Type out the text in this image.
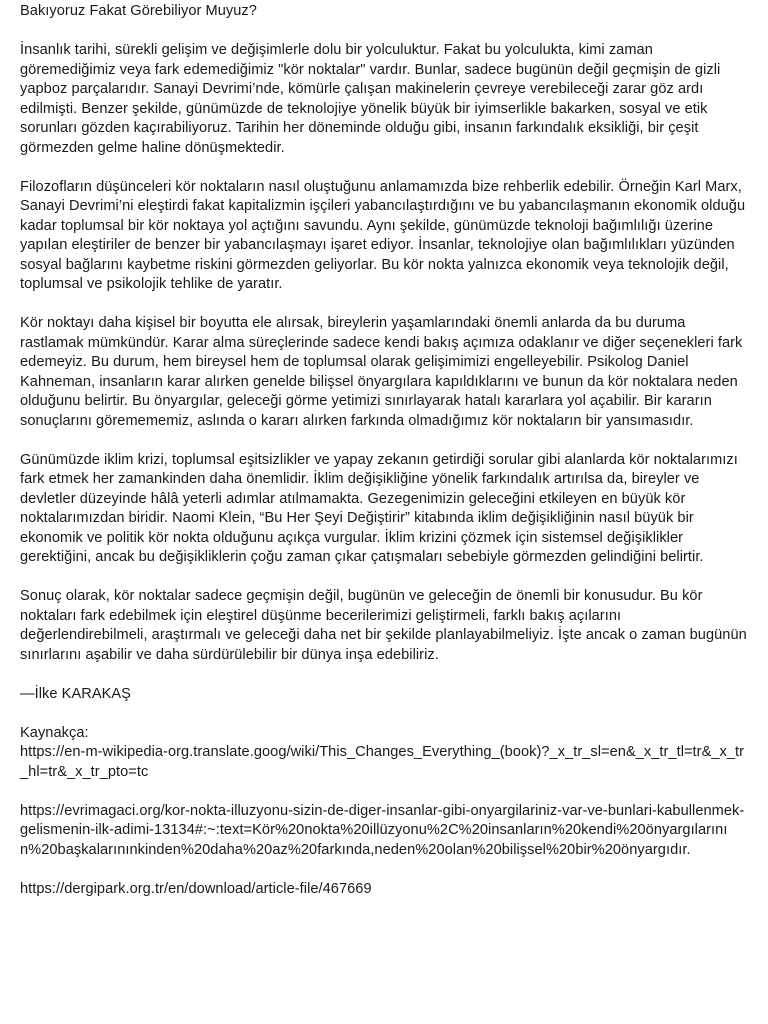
Bakıyoruz Fakat Görebiliyor Muyuz?
İnsanlık tarihi, sürekli gelişim ve değişimlerle dolu bir yolculuktur. Fakat bu yolculukta, kimi zaman göremediğimiz veya fark edemediğimiz "kör noktalar" vardır. Bunlar, sadece bugünün değil geçmişin de gizli yapboz parçalarıdır. Sanayi Devrimi’nde, kömürle çalışan makinelerin çevreye verebileceği zarar göz ardı edilmişti. Benzer şekilde, günümüzde de teknolojiye yönelik büyük bir iyimserlikle bakarken, sosyal ve etik sorunları gözden kaçırabiliyoruz. Tarihin her döneminde olduğu gibi, insanın farkındalık eksikliği, bir çeşit görmezden gelme haline dönüşmektedir.
Filozofların düşünceleri kör noktaların nasıl oluştuğunu anlamamızda bize rehberlik edebilir. Örneğin Karl Marx, Sanayi Devrimi’ni eleştirdi fakat kapitalizmin işçileri yabancılaştırdığını ve bu yabancılaşmanın ekonomik olduğu kadar toplumsal bir kör noktaya yol açtığını savundu. Aynı şekilde, günümüzde teknoloji bağımlılığı üzerine yapılan eleştiriler de benzer bir yabancılaşmayı işaret ediyor. İnsanlar, teknolojiye olan bağımlılıkları yüzünden sosyal bağlarını kaybetme riskini görmezden geliyorlar. Bu kör nokta yalnızca ekonomik veya teknolojik değil, toplumsal ve psikolojik tehlike de yaratır.
Kör noktayı daha kişisel bir boyutta ele alırsak, bireylerin yaşamlarındaki önemli anlarda da bu duruma rastlamak mümkündür. Karar alma süreçlerinde sadece kendi bakış açımıza odaklanır ve diğer seçenekleri fark edemeyiz. Bu durum, hem bireysel hem de toplumsal olarak gelişimimizi engelleyebilir. Psikolog Daniel Kahneman, insanların karar alırken genelde bilişsel önyargılara kapıldıklarını ve bunun da kör noktalara neden olduğunu belirtir. Bu önyargılar, geleceği görme yetimizi sınırlayarak hatalı kararlara yol açabilir. Bir kararın sonuçlarını göremememiz, aslında o kararı alırken farkında olmadığımız kör noktaların bir yansımasıdır.
Günümüzde iklim krizi, toplumsal eşitsizlikler ve yapay zekanın getirdiği sorular gibi alanlarda kör noktalarımızı fark etmek her zamankinden daha önemlidir. İklim değişikliğine yönelik farkındalık artırılsa da, bireyler ve devletler düzeyinde hâlâ yeterli adımlar atılmamakta. Gezegenimizin geleceğini etkileyen en büyük kör noktalarımızdan biridir. Naomi Klein, “Bu Her Şeyi Değiştirir” kitabında iklim değişikliğinin nasıl büyük bir ekonomik ve politik kör nokta olduğunu açıkça vurgular. İklim krizini çözmek için sistemsel değişiklikler gerektiğini, ancak bu değişikliklerin çoğu zaman çıkar çatışmaları sebebiyle görmezden gelindiğini belirtir.
Sonuç olarak, kör noktalar sadece geçmişin değil, bugünün ve geleceğin de önemli bir konusudur. Bu kör noktaları fark edebilmek için eleştirel düşünme becerilerimizi geliştirmeli, farklı bakış açılarını değerlendirebilmeli, araştırmalı ve geleceği daha net bir şekilde planlayabilmeliyiz. İşte ancak o zaman bugünün sınırlarını aşabilir ve daha sürdürülebilir bir dünya inşa edebiliriz.
—İlke KARAKAŞ
Kaynakça:
https://en-m-wikipedia-org.translate.goog/wiki/This_Changes_Everything_(book)?_x_tr_sl=en&_x_tr_tl=tr&_x_tr_hl=tr&_x_tr_pto=tc
https://evrimagaci.org/kor-nokta-illuzyonu-sizin-de-diger-insanlar-gibi-onyargilariniz-var-ve-bunlari-kabullenmek-gelismenin-ilk-adimi-13134#:~:text=Kör%20nokta%20illüzyonu%2C%20insanların%20kendi%20önyargılarının%20başkalarınınkinden%20daha%20az%20farkında,neden%20olan%20bilişsel%20bir%20önyargıdır.
https://dergipark.org.tr/en/download/article-file/467669
